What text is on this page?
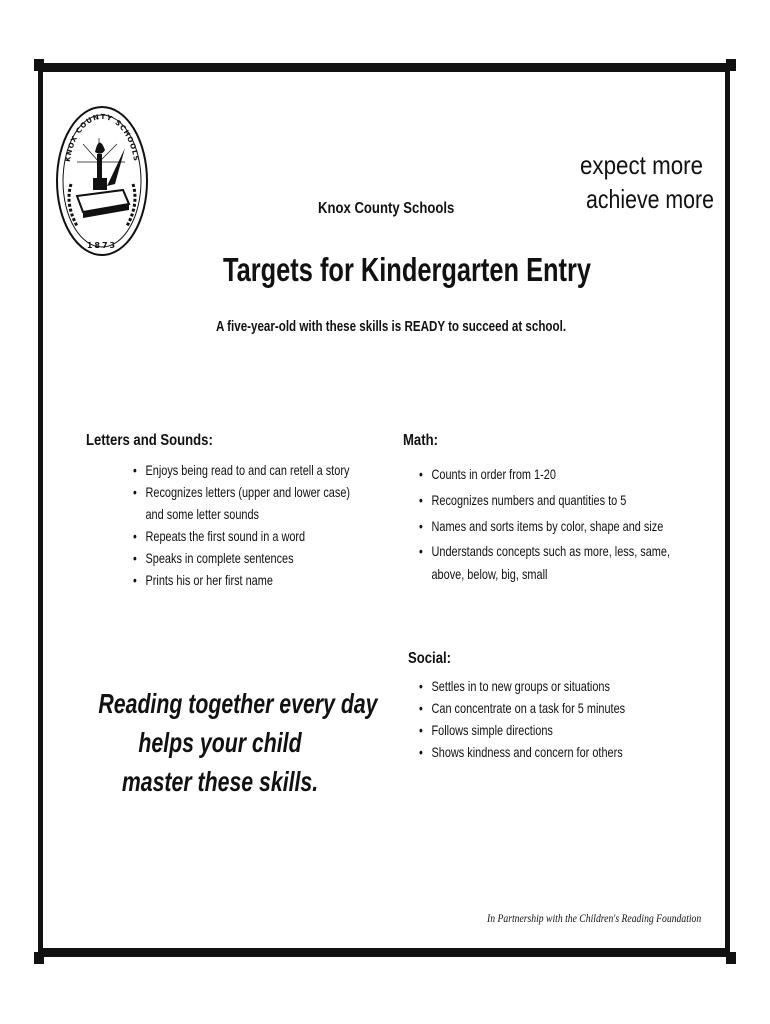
KNOX COUNTY SCHOOLS
1873
expect more
achieve more
Knox County Schools
Targets for Kindergarten Entry
A five-year-old with these skills is READY to succeed at school.
Letters and Sounds:
• Enjoys being read to and can retell a story
• Recognizes letters (upper and lower case)
and some letter sounds
• Repeats the first sound in a word
• Speaks in complete sentences
• Prints his or her first name
Math:
• Counts in order from 1-20
• Recognizes numbers and quantities to 5
• Names and sorts items by color, shape and size
• Understands concepts such as more, less, same,
above, below, big, small
Social:
• Settles in to new groups or situations
• Can concentrate on a task for 5 minutes
• Follows simple directions
• Shows kindness and concern for others
Reading together every day
helps your child
master these skills.
In Partnership with the Children's Reading Foundation
